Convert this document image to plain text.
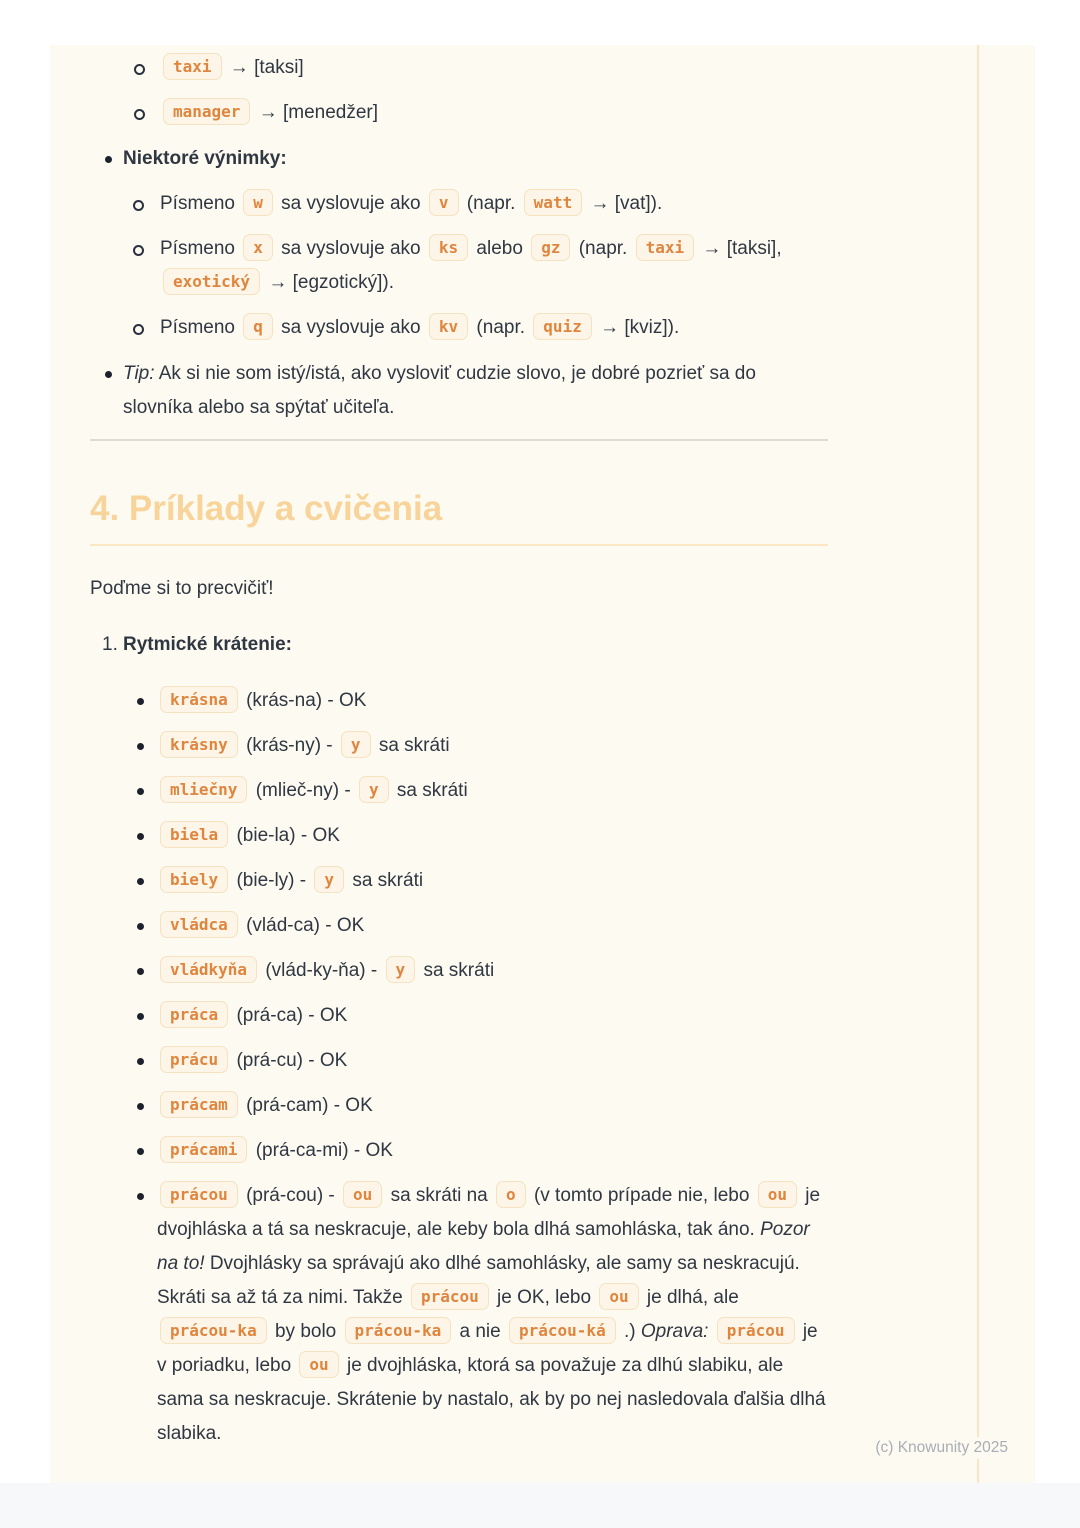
taxi → [taksi]
manager → [menedžer]
Niektoré výnimky:
Písmeno w sa vyslovuje ako v (napr. watt → [vat]).
Písmeno x sa vyslovuje ako ks alebo gz (napr. taxi → [taksi], exotický → [egzotický]).
Písmeno q sa vyslovuje ako kv (napr. quiz → [kviz]).
Tip: Ak si nie som istý/istá, ako vysloviť cudzie slovo, je dobré pozrieť sa do slovníka alebo sa spýtať učiteľa.
4. Príklady a cvičenia

Poďme si to precvičiť!

1. Rytmické krátenie:
krásna (krás-na) - OK
krásny (krás-ny) - y sa skráti
mliečny (mlieč-ny) - y sa skráti
biela (bie-la) - OK
biely (bie-ly) - y sa skráti
vládca (vlád-ca) - OK
vládkyňa (vlád-ky-ňa) - y sa skráti
práca (prá-ca) - OK
prácu (prá-cu) - OK
prácam (prá-cam) - OK
prácami (prá-ca-mi) - OK
prácou (prá-cou) - ou sa skráti na o (v tomto prípade nie, lebo ou je dvojhláska a tá sa neskracuje, ale keby bola dlhá samohláska, tak áno. Pozor na to! Dvojhlásky sa správajú ako dlhé samohlásky, ale samy sa neskracujú. Skráti sa až tá za nimi. Takže prácou je OK, lebo ou je dlhá, ale prácou-ka by bolo prácou-ka a nie prácou-ká .) Oprava: prácou je v poriadku, lebo ou je dvojhláska, ktorá sa považuje za dlhú slabiku, ale sama sa neskracuje. Skrátenie by nastalo, ak by po nej nasledovala ďalšia dlhá slabika.
(c) Knowunity 2025
